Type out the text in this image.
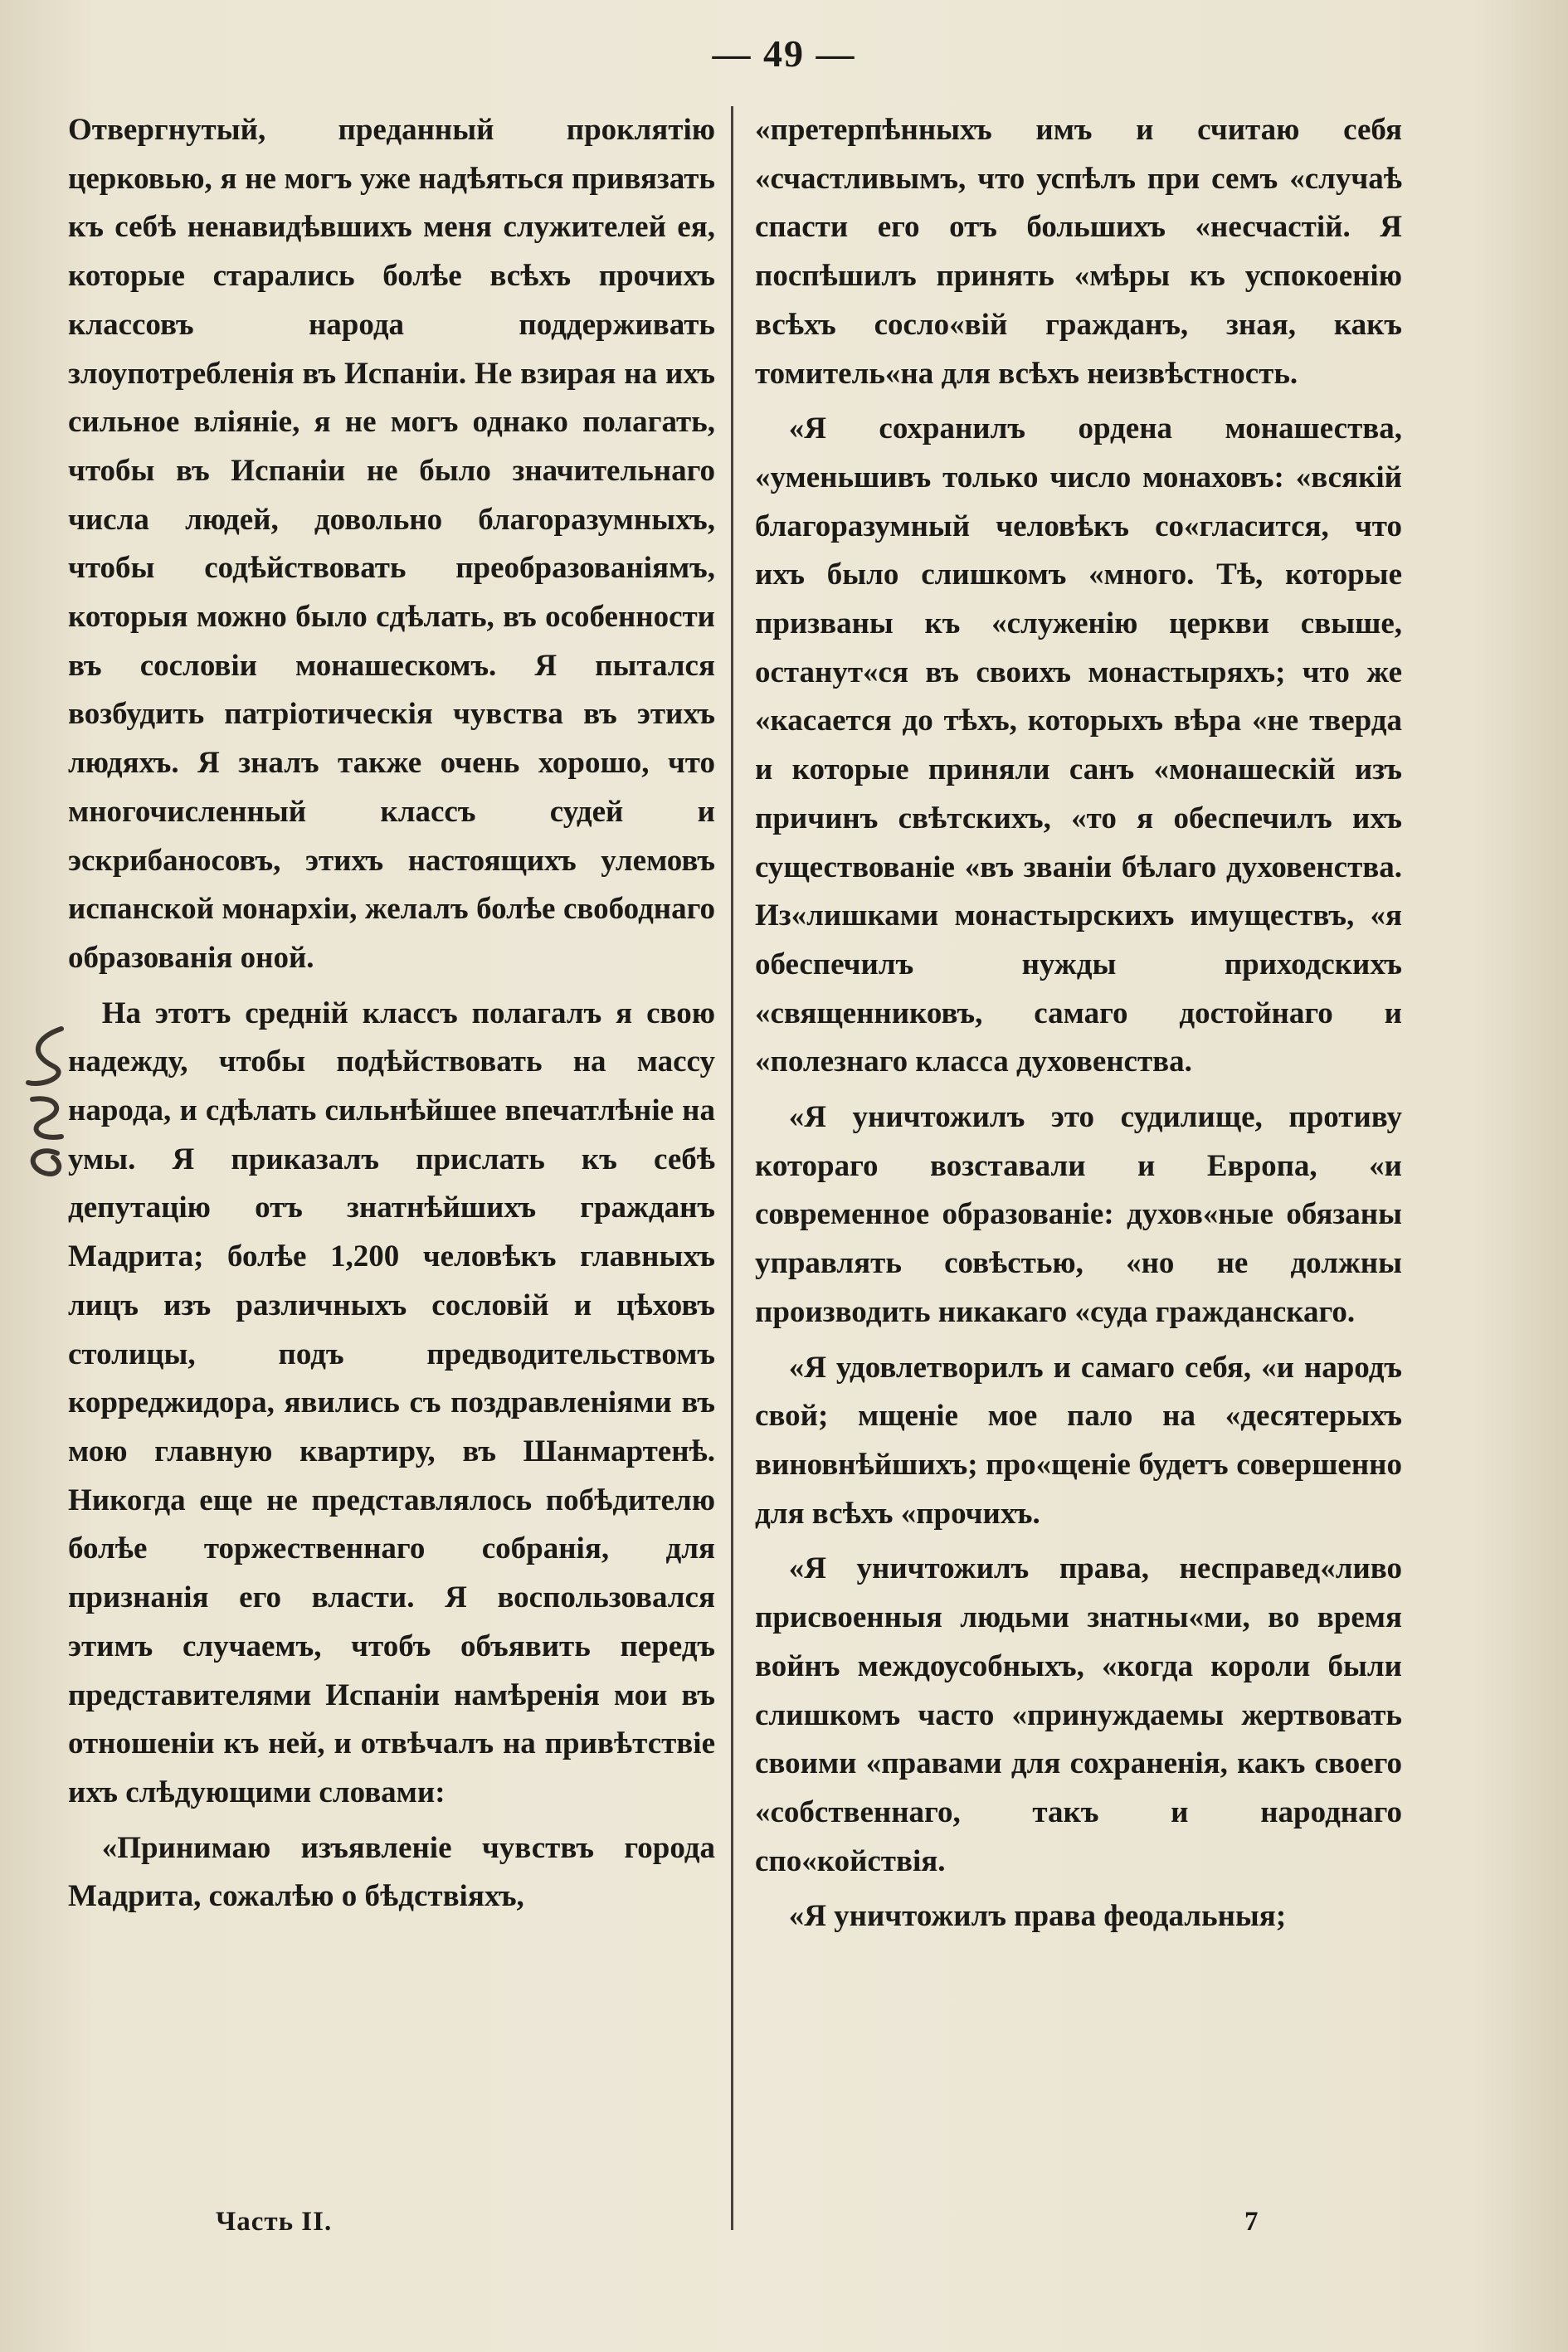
— 49 —

Отвергнутый, преданный проклятію церковью, я не могъ уже надѣяться привязать къ себѣ ненавидѣвшихъ меня служителей ея, которые старались болѣе всѣхъ прочихъ классовъ народа поддерживать злоупотребленія въ Испаніи. Не взирая на ихъ сильное вліяніе, я не могъ однако полагать, чтобы въ Испаніи не было значительнаго числа людей, довольно благоразумныхъ, чтобы содѣйствовать преобразованіямъ, которыя можно было сдѣлать, въ особенности въ сословіи монашескомъ. Я пытался возбудить патріотическія чувства въ этихъ людяхъ. Я зналъ также очень хорошо, что многочисленный классъ судей и эскрибаносовъ, этихъ настоящихъ улемовъ испанской монархіи, желалъ болѣе свободнаго образованія оной.

На этотъ среднiй классъ полагалъ я свою надежду, чтобы подѣйствовать на массу народа, и сдѣлать сильнѣйшее впечатлѣніе на умы. Я приказалъ прислать къ себѣ депутацію отъ знатнѣйшихъ гражданъ Мадрита; болѣе 1,200 человѣкъ главныхъ лицъ изъ различныхъ сословій и цѣховъ столицы, подъ предводительствомъ корреджидора, явились съ поздравленіями въ мою главную квартиру, въ Шанмартенѣ. Никогда еще не представлялось побѣдителю болѣе торжественнаго собранія, для признанія его власти. Я воспользовался этимъ случаемъ, чтобъ объявить передъ представителями Испаніи намѣренія мои въ отношеніи къ ней, и отвѣчалъ на привѣтствіе ихъ слѣдующими словами:

«Принимаю изъявленіе чувствъ города Мадрита, сожалѣю о бѣдствіяхъ,

«претерпѣнныхъ имъ и считаю себя «счастливымъ, что успѣлъ при семъ «случаѣ спасти его отъ большихъ «несчастій. Я поспѣшилъ принять «мѣры къ успокоенію всѣхъ сосло«вій гражданъ, зная, какъ томитель«на для всѣхъ неизвѣстность.

«Я сохранилъ ордена монашества, «уменьшивъ только число монаховъ: «всякій благоразумный человѣкъ со«гласится, что ихъ было слишкомъ «много. Тѣ, которые призваны къ «служенію церкви свыше, останут«ся въ своихъ монастыряхъ; что же «касается до тѣхъ, которыхъ вѣра «не тверда и которые приняли санъ «монашескій изъ причинъ свѣтскихъ, «то я обеспечилъ ихъ существованіе «въ званіи бѣлаго духовенства. Из«лишками монастырскихъ имуществъ, «я обеспечилъ нужды приходскихъ «священниковъ, самаго достойнаго и «полезнаго класса духовенства.

«Я уничтожилъ это судилище, противу котораго возставали и Европа, «и современное образованіе: духов«ные обязаны управлять совѣстью, «но не должны производить никакаго «суда гражданскаго.

«Я удовлетворилъ и самаго себя, «и народъ свой; мщеніе мое пало на «десятерыхъ виновнѣйшихъ; про«щеніе будетъ совершенно для всѣхъ «прочихъ.

«Я уничтожилъ права, несправед«ливо присвоенныя людьми знатны«ми, во время войнъ междоусобныхъ, «когда короли были слишкомъ часто «принуждаемы жертвовать своими «правами для сохраненія, какъ своего «собственнаго, такъ и народнаго спо«койствія.

«Я уничтожилъ права феодальныя;

Часть II.	7
